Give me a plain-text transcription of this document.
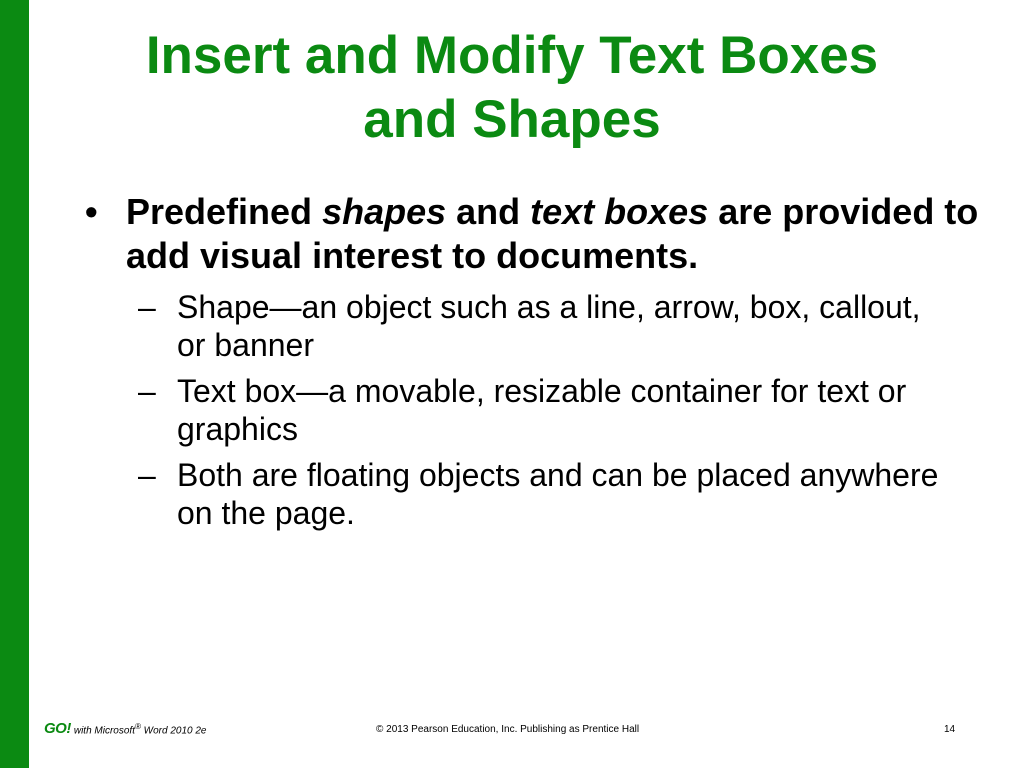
Insert and Modify Text Boxes
and Shapes

• Predefined shapes and text boxes are provided to add visual interest to documents.

– Shape—an object such as a line, arrow, box, callout, or banner
– Text box—a movable, resizable container for text or graphics
– Both are floating objects and can be placed anywhere on the page.
GO! with Microsoft® Word 2010 2e	© 2013 Pearson Education, Inc. Publishing as Prentice Hall	14
